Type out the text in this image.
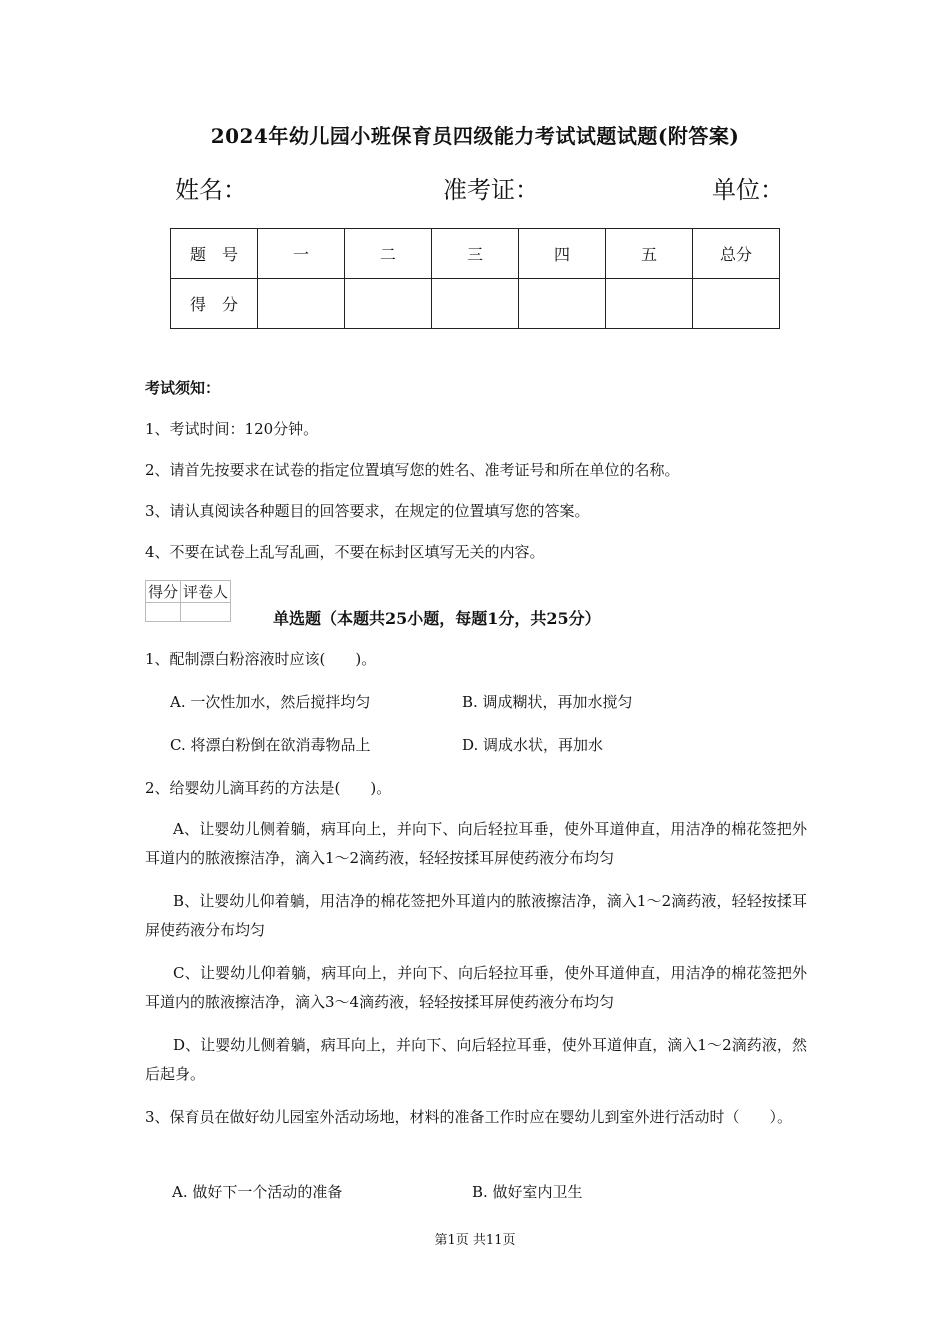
2024年幼儿园小班保育员四级能力考试试题试题(附答案)
姓名：	准考证：	单位：
题　号	一	二	三	四	五	总分
得　分						
考试须知：
1、考试时间：120分钟。
2、请首先按要求在试卷的指定位置填写您的姓名、准考证号和所在单位的名称。
3、请认真阅读各种题目的回答要求，在规定的位置填写您的答案。
4、不要在试卷上乱写乱画，不要在标封区填写无关的内容。
得分	评卷人

单选题（本题共25小题，每题1分，共25分）
1、配制漂白粉溶液时应该(　　)。
A. 一次性加水，然后搅拌均匀	B. 调成糊状，再加水搅匀
C. 将漂白粉倒在欲消毒物品上	D. 调成水状，再加水
2、给婴幼儿滴耳药的方法是(　　)。
A、让婴幼儿侧着躺，病耳向上，并向下、向后轻拉耳垂，使外耳道伸直，用洁净的棉花签把外耳道内的脓液擦洁净，滴入1～2滴药液，轻轻按揉耳屏使药液分布均匀
B、让婴幼儿仰着躺，用洁净的棉花签把外耳道内的脓液擦洁净，滴入1～2滴药液，轻轻按揉耳屏使药液分布均匀
C、让婴幼儿仰着躺，病耳向上，并向下、向后轻拉耳垂，使外耳道伸直，用洁净的棉花签把外耳道内的脓液擦洁净，滴入3～4滴药液，轻轻按揉耳屏使药液分布均匀
D、让婴幼儿侧着躺，病耳向上，并向下、向后轻拉耳垂，使外耳道伸直，滴入1～2滴药液，然后起身。
3、保育员在做好幼儿园室外活动场地，材料的准备工作时应在婴幼儿到室外进行活动时（　　）。
A. 做好下一个活动的准备	B. 做好室内卫生
第1页 共11页
